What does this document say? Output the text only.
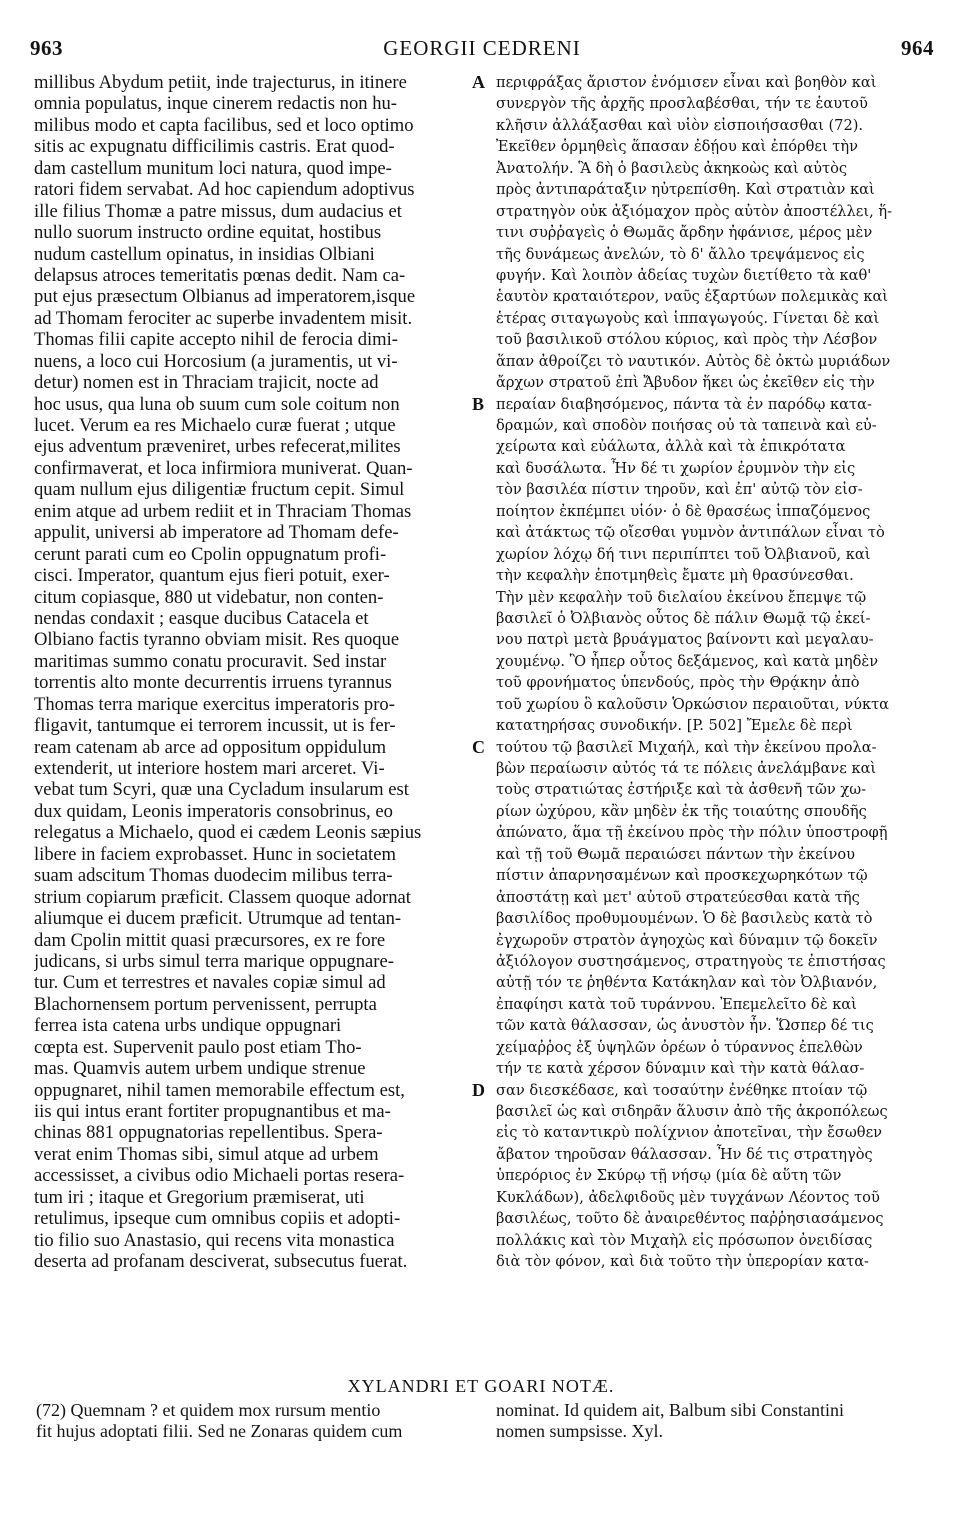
963	GEORGII CEDRENI	964
millibus Abydum petiit, inde trajecturus, in itinere
omnia populatus, inque cinerem redactis non hu-
milibus modo et capta facilibus, sed et loco optimo
sitis ac expugnatu difficilimis castris. Erat quod-
dam castellum munitum loci natura, quod impe-
ratori fidem servabat. Ad hoc capiendum adoptivus
ille filius Thomæ a patre missus, dum audacius et
nullo suorum instructo ordine equitat, hostibus
nudum castellum opinatus, in insidias Olbiani
delapsus atroces temeritatis pœnas dedit. Nam ca-
put ejus præsectum Olbianus ad imperatorem,isque
ad Thomam ferociter ac superbe invadentem misit.
Thomas filii capite accepto nihil de ferocia dimi-
nuens, a loco cui Horcosium (a juramentis, ut vi-
detur) nomen est in Thraciam trajicit, nocte ad
hoc usus, qua luna ob suum cum sole coitum non
lucet. Verum ea res Michaelo curæ fuerat ; utque
ejus adventum præveniret, urbes refecerat,milites
confirmaverat, et loca infirmiora muniverat. Quan-
quam nullum ejus diligentiæ fructum cepit. Simul
enim atque ad urbem rediit et in Thraciam Thomas
appulit, universi ab imperatore ad Thomam defe-
cerunt parati cum eo Cpolin oppugnatum profi-
cisci. Imperator, quantum ejus fieri potuit, exer-
citum copiasque, 880 ut videbatur, non conten-
nendas condaxit ; easque ducibus Catacela et
Olbiano factis tyranno obviam misit. Res quoque
maritimas summo conatu procuravit. Sed instar
torrentis alto monte decurrentis irruens tyrannus
Thomas terra marique exercitus imperatoris pro-
fligavit, tantumque ei terrorem incussit, ut is fer-
ream catenam ab arce ad oppositum oppidulum
extenderit, ut interiore hostem mari arceret. Vi-
vebat tum Scyri, quæ una Cycladum insularum est
dux quidam, Leonis imperatoris consobrinus, eo
relegatus a Michaelo, quod ei cædem Leonis sæpius
libere in faciem exprobasset. Hunc in societatem
suam adscitum Thomas duodecim milibus terra-
strium copiarum præficit. Classem quoque adornat
aliumque ei ducem præficit. Utrumque ad tentan-
dam Cpolin mittit quasi præcursores, ex re fore
judicans, si urbs simul terra marique oppugnare-
tur. Cum et terrestres et navales copiæ simul ad
Blachornensem portum pervenissent, perrupta
ferrea ista catena urbs undique oppugnari
cœpta est. Supervenit paulo post etiam Tho-
mas. Quamvis autem urbem undique strenue
oppugnaret, nihil tamen memorabile effectum est,
iis qui intus erant fortiter propugnantibus et ma-
chinas 881 oppugnatorias repellentibus. Spera-
verat enim Thomas sibi, simul atque ad urbem
accessisset, a civibus odio Michaeli portas resera-
tum iri ; itaque et Gregorium præmiserat, uti
retulimus, ipseque cum omnibus copiis et adopti-
tio filio suo Anastasio, qui recens vita monastica
deserta ad profanam desciverat, subsecutus fuerat.
περιφράξας ἄριστον ἐνόμισεν εἶναι καὶ βοηθὸν καὶ
συνεργὸν τῆς ἀρχῆς προσλαβέσθαι, τήν τε ἑαυτοῦ
κλῆσιν ἀλλάξασθαι καὶ υἱὸν εἰσποιήσασθαι (72).
Ἐκεῖθεν ὁρμηθεὶς ἅπασαν ἐδῄου καὶ ἐπόρθει τὴν
Ἀνατολήν. Ἃ δὴ ὁ βασιλεὺς ἀκηκοὼς καὶ αὐτὸς
πρὸς ἀντιπαράταξιν ηὐτρεπίσθη. Καὶ στρατιὰν καὶ
στρατηγὸν οὐκ ἀξιόμαχον πρὸς αὐτὸν ἀποστέλλει, ἥ-
τινι συῤῥαγεὶς ὁ Θωμᾶς ἄρδην ἠφάνισε, μέρος μὲν
τῆς δυνάμεως ἀνελών, τὸ δ' ἄλλο τρεψάμενος εἰς
φυγήν. Καὶ λοιπὸν ἀδείας τυχὼν διετίθετο τὰ καθ'
ἑαυτὸν κραταιότερον, ναῦς ἐξαρτύων πολεμικὰς καὶ
ἑτέρας σιταγωγοὺς καὶ ἱππαγωγούς. Γίνεται δὲ καὶ
τοῦ βασιλικοῦ στόλου κύριος, καὶ πρὸς τὴν Λέσβον
ἅπαν ἀθροίζει τὸ ναυτικόν. Αὐτὸς δὲ ὀκτὼ μυριάδων
ἄρχων στρατοῦ ἐπὶ Ἄβυδον ἥκει ὡς ἐκεῖθεν εἰς τὴν
περαίαν διαβησόμενος, πάντα τὰ ἐν παρόδῳ κατα-
δραμών, καὶ σποδὸν ποιήσας οὐ τὰ ταπεινὰ καὶ εὐ-
χείρωτα καὶ εὐάλωτα, ἀλλὰ καὶ τὰ ἐπικρότατα
καὶ δυσάλωτα. Ἦν δέ τι χωρίον ἐρυμνὸν τὴν εἰς
τὸν βασιλέα πίστιν τηροῦν, καὶ ἐπ' αὐτῷ τὸν εἰσ-
ποίητον ἐκπέμπει υἱόν· ὁ δὲ θρασέως ἱππαζόμενος
καὶ ἀτάκτως τῷ οἴεσθαι γυμνὸν ἀντιπάλων εἶναι τὸ
χωρίον λόχῳ δή τινι περιπίπτει τοῦ Ὀλβιανοῦ, καὶ
τὴν κεφαλὴν ἐποτμηθεὶς ἔματε μὴ θρασύνεσθαι.
Τὴν μὲν κεφαλὴν τοῦ διελαίου ἐκείνου ἔπεμψε τῷ
βασιλεῖ ὁ Ὀλβιανὸς οὗτος δὲ πάλιν Θωμᾷ τῷ ἐκεί-
νου πατρὶ μετὰ βρυάγματος βαίνοντι καὶ μεγαλαυ-
χουμένῳ. Ὃ ἦπερ οὗτος δεξάμενος, καὶ κατὰ μηδὲν
τοῦ φρονήματος ὑπενδούς, πρὸς τὴν Θρᾴκην ἀπὸ
τοῦ χωρίου ὃ καλοῦσιν Ὁρκώσιον περαιοῦται, νύκτα
κατατηρήσας συνοδικήν. [P. 502] Ἔμελε δὲ περὶ
τούτου τῷ βασιλεῖ Μιχαήλ, καὶ τὴν ἐκείνου προλα-
βὼν περαίωσιν αὐτός τά τε πόλεις ἀνελάμβανε καὶ
τοὺς στρατιώτας ἐστήριξε καὶ τὰ ἀσθενῆ τῶν χω-
ρίων ὠχύρου, κἂν μηδὲν ἐκ τῆς τοιαύτης σπουδῆς
ἀπώνατο, ἅμα τῇ ἐκείνου πρὸς τὴν πόλιν ὑποστροφῇ
καὶ τῇ τοῦ Θωμᾶ περαιώσει πάντων τὴν ἐκείνου
πίστιν ἀπαρνησαμένων καὶ προσκεχωρηκότων τῷ
ἀποστάτῃ καὶ μετ' αὐτοῦ στρατεύεσθαι κατὰ τῆς
βασιλίδος προθυμουμένων. Ὁ δὲ βασιλεὺς κατὰ τὸ
ἐγχωροῦν στρατὸν ἀγηοχὼς καὶ δύναμιν τῷ δοκεῖν
ἀξιόλογον συστησάμενος, στρατηγοὺς τε ἐπιστήσας
αὐτῇ τόν τε ῥηθέντα Κατάκηλαν καὶ τὸν Ὀλβιανόν,
ἐπαφίησι κατὰ τοῦ τυράννου. Ἐπεμελεῖτο δὲ καὶ
τῶν κατὰ θάλασσαν, ὡς ἀνυστὸν ἦν. Ὥσπερ δέ τις
χείμαῤῥος ἐξ ὑψηλῶν ὀρέων ὁ τύραννος ἐπελθὼν
τήν τε κατὰ χέρσον δύναμιν καὶ τὴν κατὰ θάλασ-
σαν διεσκέδασε, καὶ τοσαύτην ἐνέθηκε πτοίαν τῷ
βασιλεῖ ὡς καὶ σιδηρᾶν ἅλυσιν ἀπὸ τῆς ἀκροπόλεως
εἰς τὸ καταντικρὺ πολίχνιον ἀποτεῖναι, τὴν ἔσωθεν
ἄβατον τηροῦσαν θάλασσαν. Ἦν δέ τις στρατηγὸς
ὑπερόριος ἐν Σκύρῳ τῇ νήσῳ (μία δὲ αὕτη τῶν
Κυκλάδων), ἀδελφιδοῦς μὲν τυγχάνων Λέοντος τοῦ
βασιλέως, τοῦτο δὲ ἀναιρεθέντος παῤῥησιασάμενος
πολλάκις καὶ τὸν Μιχαὴλ εἰς πρόσωπον ὀνειδίσας
διὰ τὸν φόνον, καὶ διὰ τοῦτο τὴν ὑπερορίαν κατα-
A
B
C
D
XYLANDRI ET GOARI NOTÆ.
(72) Quemnam ? et quidem mox rursum mentio
fit hujus adoptati filii. Sed ne Zonaras quidem cum
nominat. Id quidem ait, Balbum sibi Constantini
nomen sumpsisse. Xyl.
